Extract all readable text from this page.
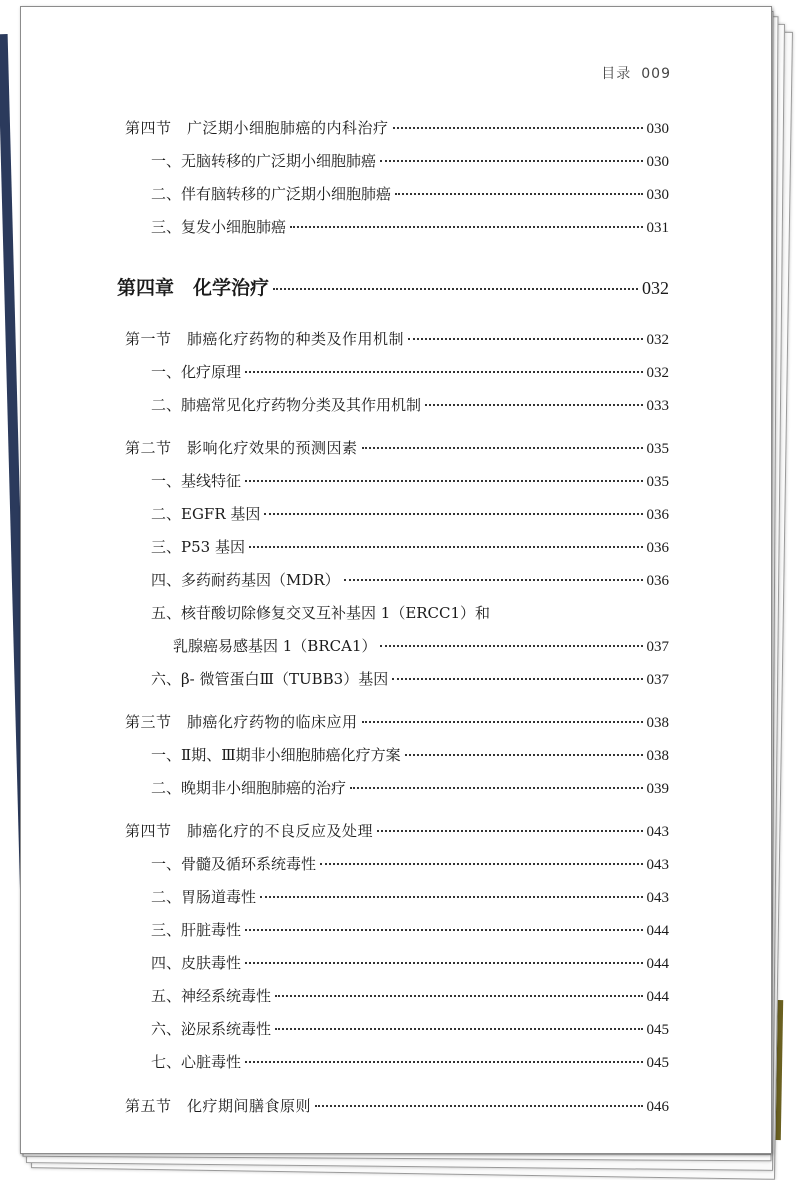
目录 009
第四节　广泛期小细胞肺癌的内科治疗	030
一、无脑转移的广泛期小细胞肺癌	030
二、伴有脑转移的广泛期小细胞肺癌	030
三、复发小细胞肺癌	031
第四章　化学治疗	032
第一节　肺癌化疗药物的种类及作用机制	032
一、化疗原理	032
二、肺癌常见化疗药物分类及其作用机制	033
第二节　影响化疗效果的预测因素	035
一、基线特征	035
二、EGFR 基因	036
三、P53 基因	036
四、多药耐药基因（MDR）	036
五、核苷酸切除修复交叉互补基因 1（ERCC1）和
乳腺癌易感基因 1（BRCA1）	037
六、β- 微管蛋白Ⅲ（TUBB3）基因	037
第三节　肺癌化疗药物的临床应用	038
一、Ⅱ期、Ⅲ期非小细胞肺癌化疗方案	038
二、晚期非小细胞肺癌的治疗	039
第四节　肺癌化疗的不良反应及处理	043
一、骨髓及循环系统毒性	043
二、胃肠道毒性	043
三、肝脏毒性	044
四、皮肤毒性	044
五、神经系统毒性	044
六、泌尿系统毒性	045
七、心脏毒性	045
第五节　化疗期间膳食原则	046
